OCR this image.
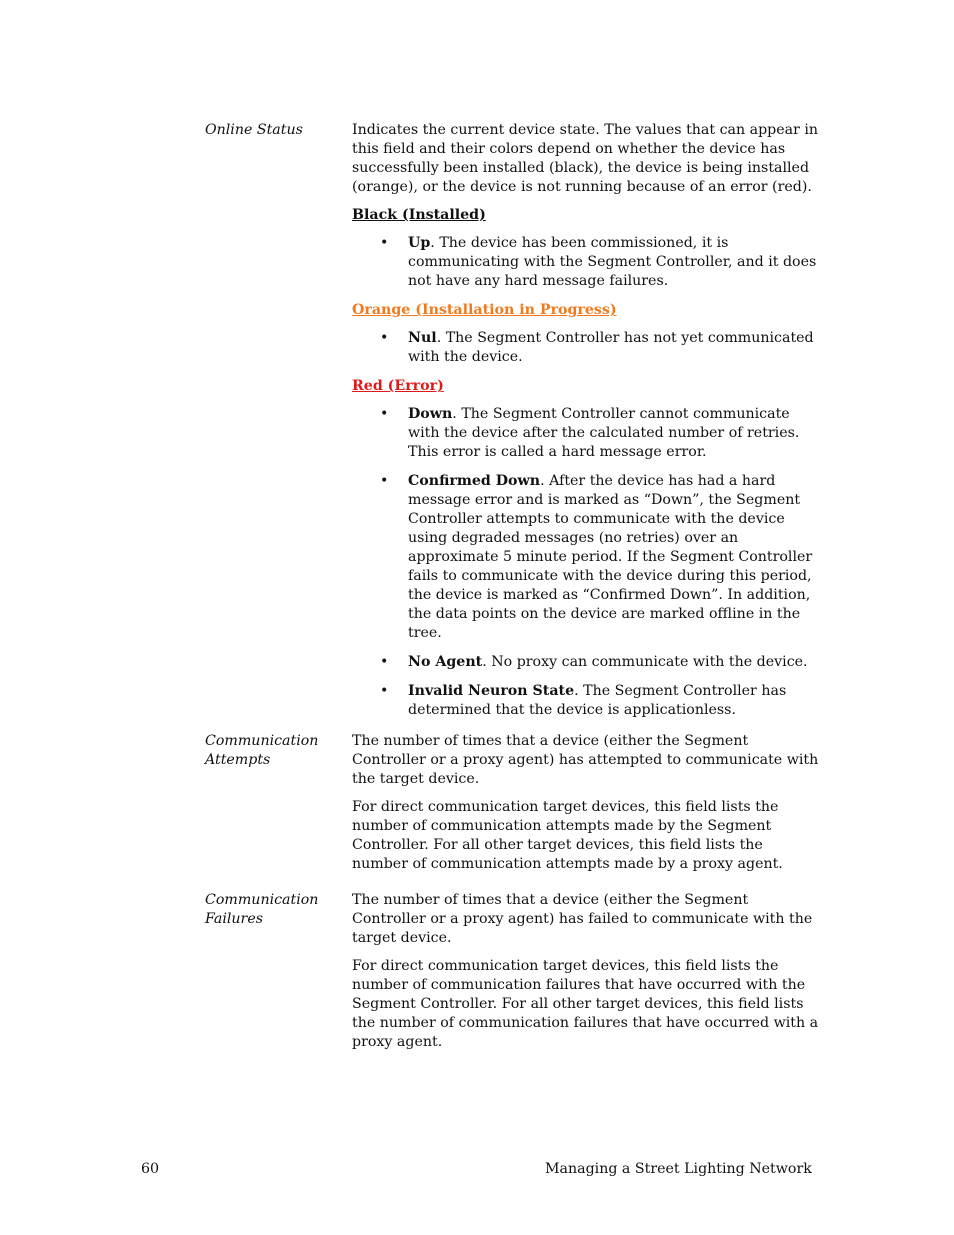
Online Status	Indicates the current device state. The values that can appear in this field and their colors depend on whether the device has successfully been installed (black), the device is being installed (orange), or the device is not running because of an error (red).

Black (Installed)
• Up. The device has been commissioned, it is communicating with the Segment Controller, and it does not have any hard message failures.
Orange (Installation in Progress)
• Nul. The Segment Controller has not yet communicated with the device.
Red (Error)
• Down. The Segment Controller cannot communicate with the device after the calculated number of retries. This error is called a hard message error.
• Confirmed Down. After the device has had a hard message error and is marked as “Down”, the Segment Controller attempts to communicate with the device using degraded messages (no retries) over an approximate 5 minute period. If the Segment Controller fails to communicate with the device during this period, the device is marked as “Confirmed Down”. In addition, the data points on the device are marked offline in the tree.
• No Agent. No proxy can communicate with the device.
• Invalid Neuron State. The Segment Controller has determined that the device is applicationless.
Communication
Attempts

The number of times that a device (either the Segment Controller or a proxy agent) has attempted to communicate with the target device.

For direct communication target devices, this field lists the number of communication attempts made by the Segment Controller. For all other target devices, this field lists the number of communication attempts made by a proxy agent.

Communication
Failures

The number of times that a device (either the Segment Controller or a proxy agent) has failed to communicate with the target device.

For direct communication target devices, this field lists the number of communication failures that have occurred with the Segment Controller. For all other target devices, this field lists the number of communication failures that have occurred with a proxy agent.

60	Managing a Street Lighting Network
